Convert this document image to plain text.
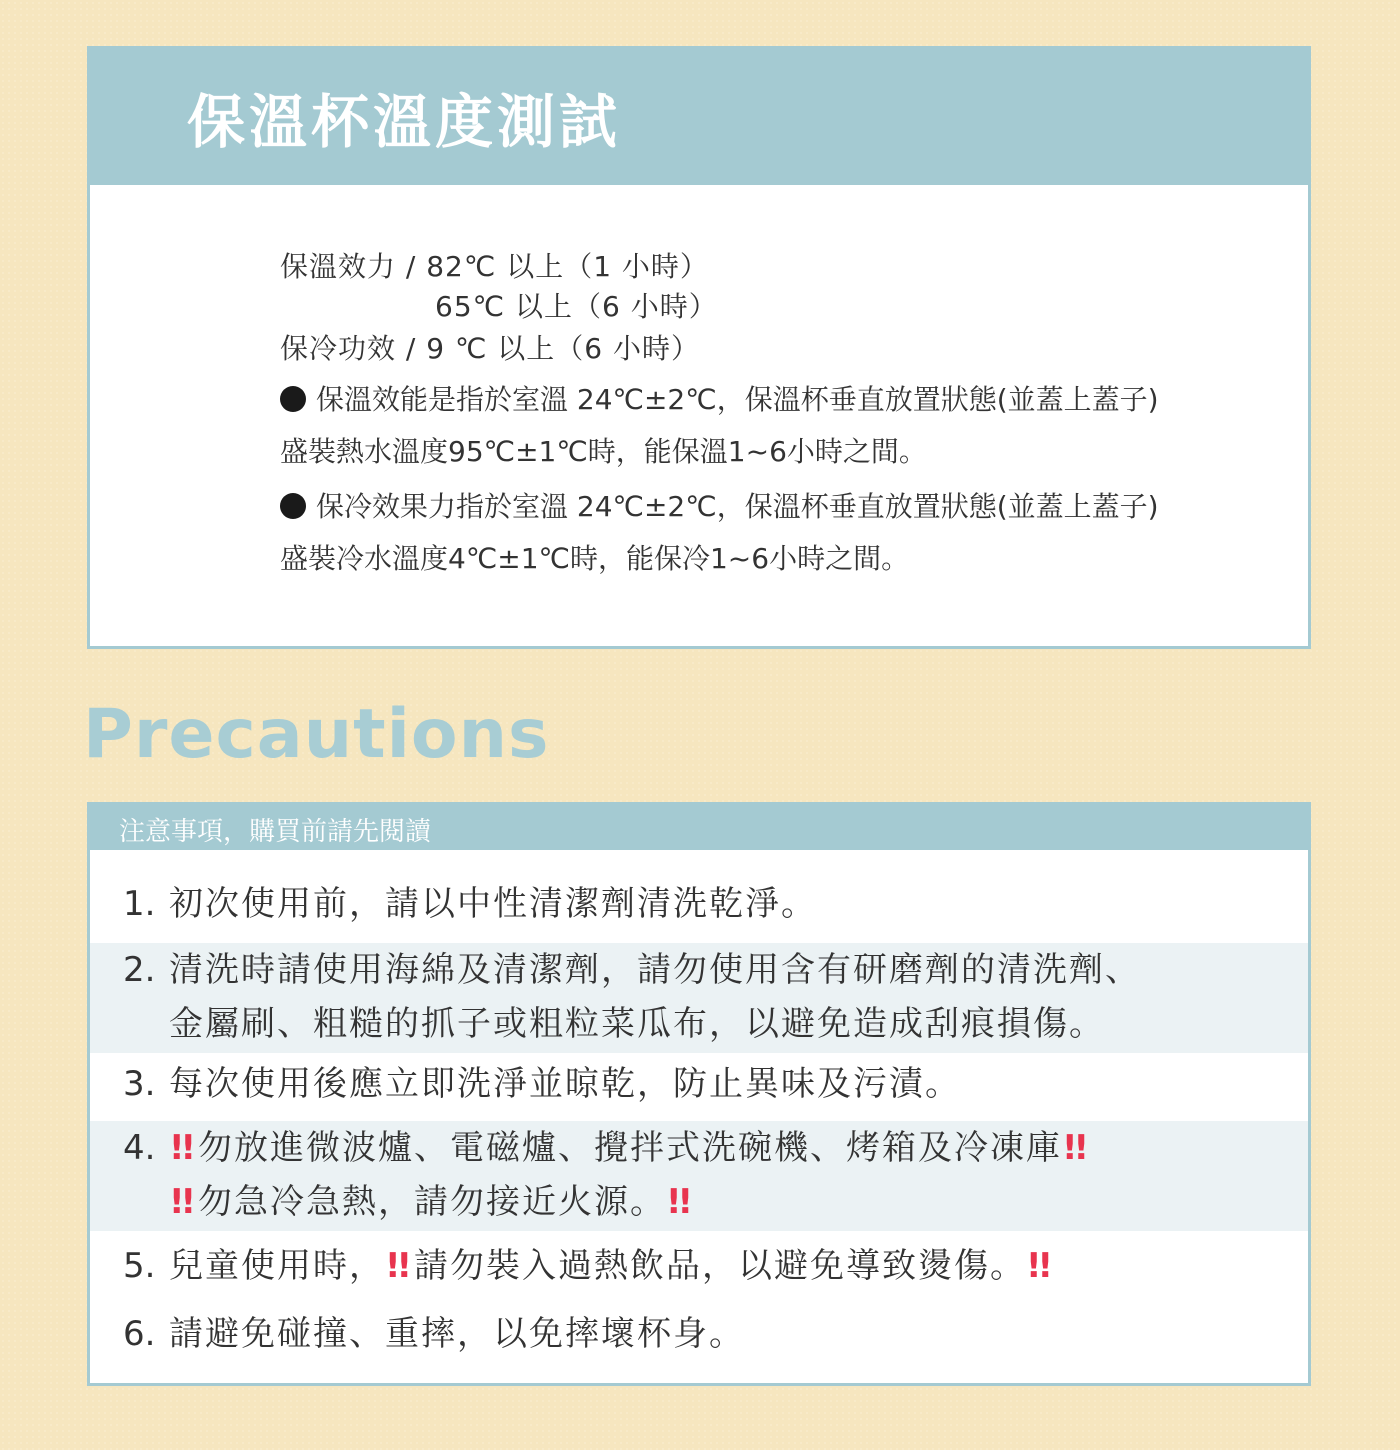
保溫杯溫度測試
保溫效力 / 82℃ 以上（1 小時）
65℃ 以上（6 小時）
保冷功效 / 9 ℃ 以上（6 小時）
保溫效能是指於室溫 24℃±2℃，保溫杯垂直放置狀態(並蓋上蓋子)盛裝熱水溫度95℃±1℃時，能保溫1~6小時之間。
保冷效果力指於室溫 24℃±2℃，保溫杯垂直放置狀態(並蓋上蓋子)盛裝冷水溫度4℃±1℃時，能保冷1~6小時之間。
Precautions
注意事項，購買前請先閱讀
1. 初次使用前，請以中性清潔劑清洗乾淨。
2. 清洗時請使用海綿及清潔劑，請勿使用含有研磨劑的清洗劑、
金屬刷、粗糙的抓子或粗粒菜瓜布，以避免造成刮痕損傷。
3. 每次使用後應立即洗淨並晾乾，防止異味及污漬。
4. !! 勿放進微波爐、電磁爐、攪拌式洗碗機、烤箱及冷凍庫!!
!! 勿急冷急熱，請勿接近火源。!!
5. 兒童使用時，!! 請勿裝入過熱飲品，以避免導致燙傷。!!
6. 請避免碰撞、重摔，以免摔壞杯身。
